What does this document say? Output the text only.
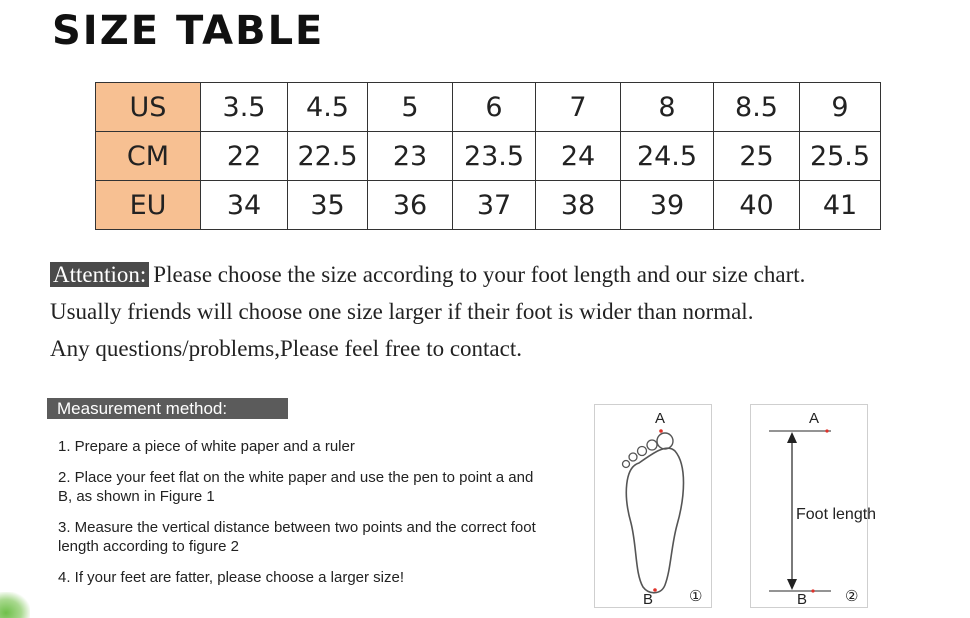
SIZE TABLE
US	3.5	4.5	5	6	7	8	8.5	9
CM	22	22.5	23	23.5	24	24.5	25	25.5
EU	34	35	36	37	38	39	40	41
Attention: Please choose the size according to your foot length and our size chart.
Usually friends will choose one size larger if their foot is wider than normal.
Any questions/problems,Please feel free to contact.
Measurement method:
1. Prepare a piece of white paper and a ruler
2. Place your feet flat on the white paper and use the pen to point a and B, as shown in Figure 1
3. Measure the vertical distance between two points and the correct foot length according to figure 2
4. If your feet are fatter, please choose a larger size!
A
B ①
A
B	②
Foot length
